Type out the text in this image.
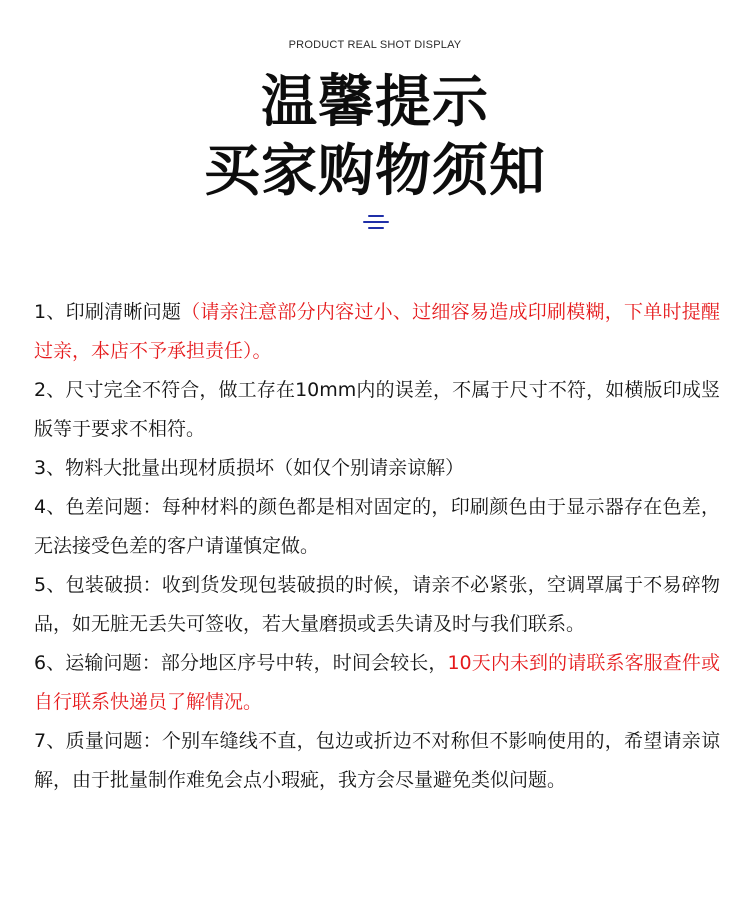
PRODUCT REAL SHOT DISPLAY
温馨提示
买家购物须知

1、印刷清晰问题（请亲注意部分内容过小、过细容易造成印刷模糊，下单时提醒过亲，本店不予承担责任）。

2、尺寸完全不符合，做工存在10mm内的误差，不属于尺寸不符，如横版印成竖版等于要求不相符。

3、物料大批量出现材质损坏（如仅个别请亲谅解）

4、色差问题：每种材料的颜色都是相对固定的，印刷颜色由于显示器存在色差，无法接受色差的客户请谨慎定做。

5、包装破损：收到货发现包装破损的时候，请亲不必紧张，空调罩属于不易碎物品，如无脏无丢失可签收，若大量磨损或丢失请及时与我们联系。

6、运输问题：部分地区序号中转，时间会较长，10天内未到的请联系客服查件或自行联系快递员了解情况。

7、质量问题：个别车缝线不直，包边或折边不对称但不影响使用的，希望请亲谅解，由于批量制作难免会点小瑕疵，我方会尽量避免类似问题。
